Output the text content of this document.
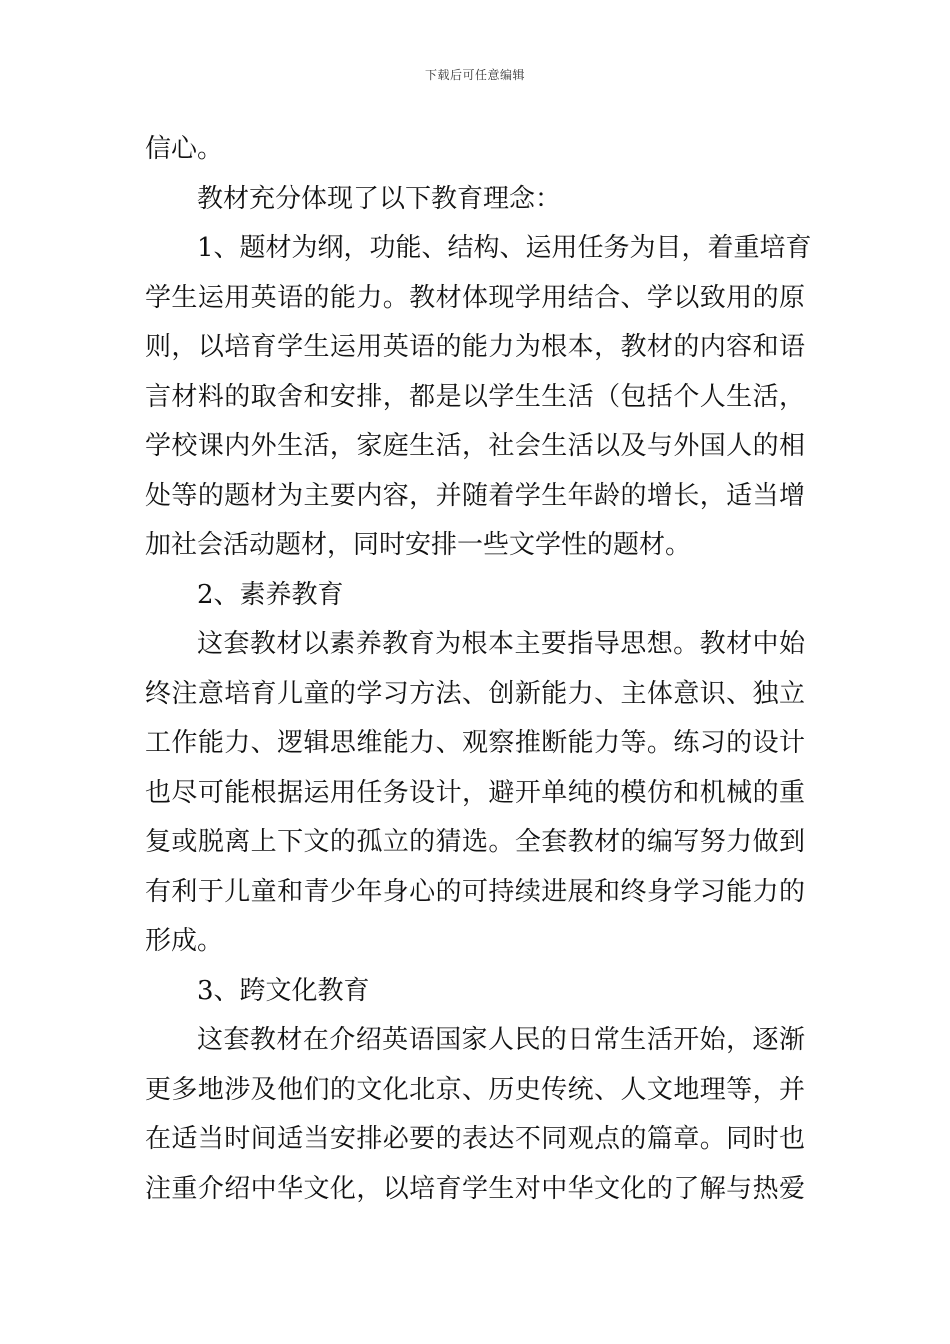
下载后可任意编辑
信心。
教材充分体现了以下教育理念：
1、题材为纲，功能、结构、运用任务为目，着重培育
学生运用英语的能力。教材体现学用结合、学以致用的原
则，以培育学生运用英语的能力为根本，教材的内容和语
言材料的取舍和安排，都是以学生生活（包括个人生活，
学校课内外生活，家庭生活，社会生活以及与外国人的相
处等的题材为主要内容，并随着学生年龄的增长，适当增
加社会活动题材，同时安排一些文学性的题材。
2、素养教育
这套教材以素养教育为根本主要指导思想。教材中始
终注意培育儿童的学习方法、创新能力、主体意识、独立
工作能力、逻辑思维能力、观察推断能力等。练习的设计
也尽可能根据运用任务设计，避开单纯的模仿和机械的重
复或脱离上下文的孤立的猜选。全套教材的编写努力做到
有利于儿童和青少年身心的可持续进展和终身学习能力的
形成。
3、跨文化教育
这套教材在介绍英语国家人民的日常生活开始，逐渐
更多地涉及他们的文化北京、历史传统、人文地理等，并
在适当时间适当安排必要的表达不同观点的篇章。同时也
注重介绍中华文化，以培育学生对中华文化的了解与热爱
